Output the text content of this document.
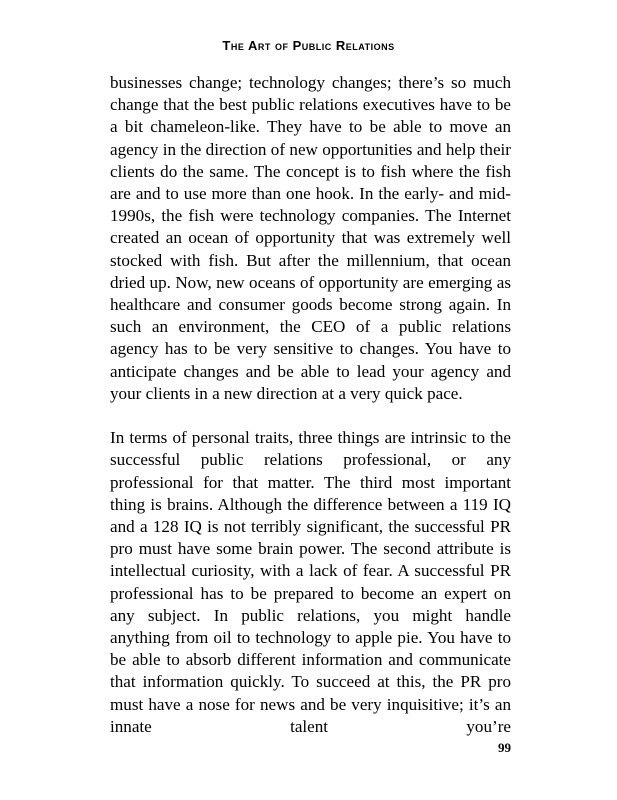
The Art of Public Relations

businesses change; technology changes; there’s so much change that the best public relations executives have to be a bit chameleon-like. They have to be able to move an agency in the direction of new opportunities and help their clients do the same. The concept is to fish where the fish are and to use more than one hook. In the early- and mid-1990s, the fish were technology companies. The Internet created an ocean of opportunity that was extremely well stocked with fish. But after the millennium, that ocean dried up. Now, new oceans of opportunity are emerging as healthcare and consumer goods become strong again. In such an environment, the CEO of a public relations agency has to be very sensitive to changes. You have to anticipate changes and be able to lead your agency and your clients in a new direction at a very quick pace.

In terms of personal traits, three things are intrinsic to the successful public relations professional, or any professional for that matter. The third most important thing is brains. Although the difference between a 119 IQ and a 128 IQ is not terribly significant, the successful PR pro must have some brain power. The second attribute is intellectual curiosity, with a lack of fear. A successful PR professional has to be prepared to become an expert on any subject. In public relations, you might handle anything from oil to technology to apple pie. You have to be able to absorb different information and communicate that information quickly. To succeed at this, the PR pro must have a nose for news and be very inquisitive; it’s an innate talent you’re

99
